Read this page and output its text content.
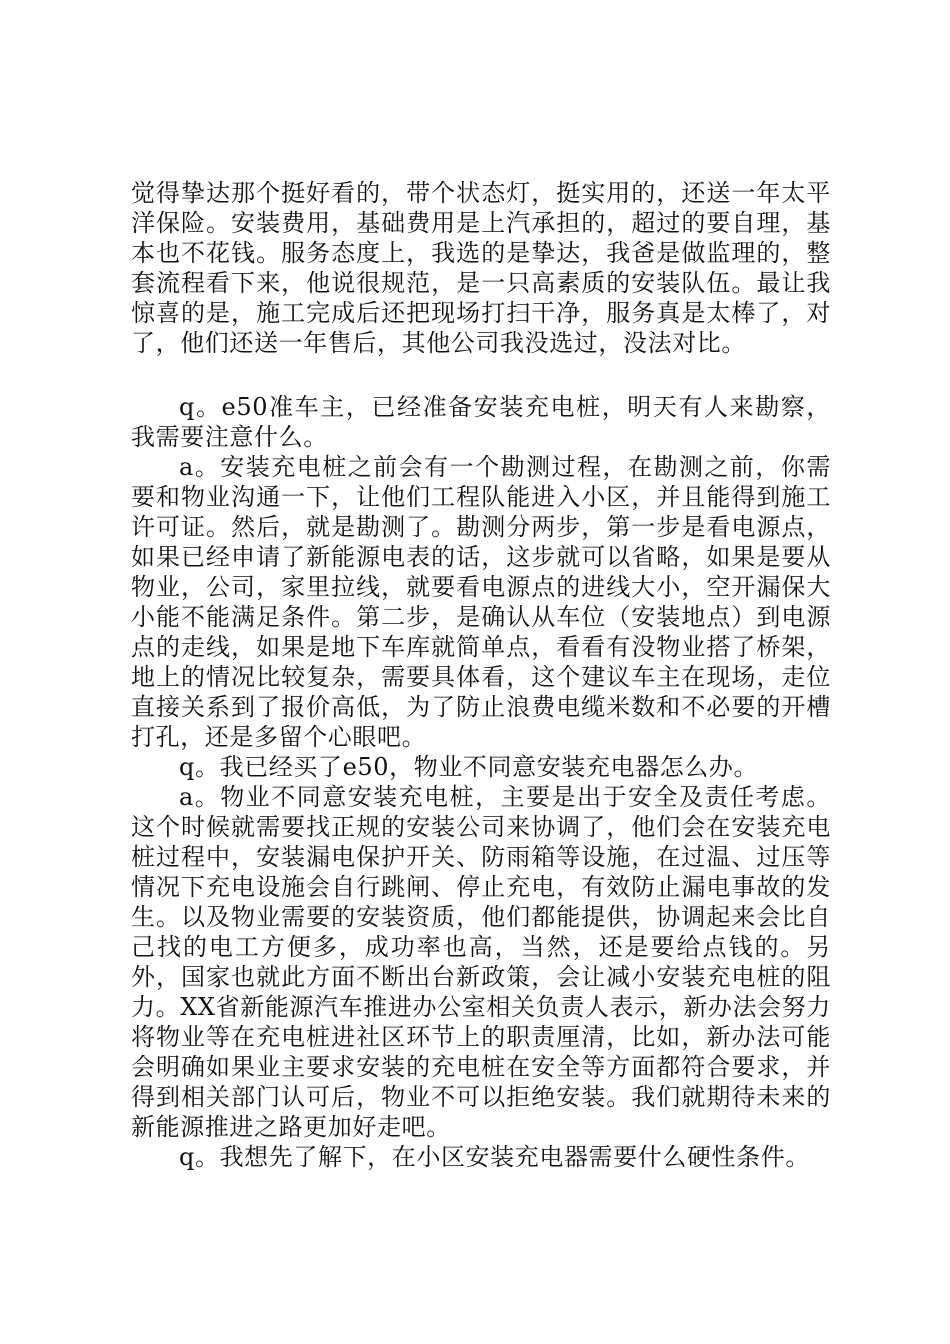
觉得挚达那个挺好看的，带个状态灯，挺实用的，还送一年太平洋保险。安装费用，基础费用是上汽承担的，超过的要自理，基本也不花钱。服务态度上，我选的是挚达，我爸是做监理的，整套流程看下来，他说很规范，是一只高素质的安装队伍。最让我惊喜的是，施工完成后还把现场打扫干净，服务真是太棒了，对了，他们还送一年售后，其他公司我没选过，没法对比。

q。e50准车主，已经准备安装充电桩，明天有人来勘察，我需要注意什么。

a。安装充电桩之前会有一个勘测过程，在勘测之前，你需要和物业沟通一下，让他们工程队能进入小区，并且能得到施工许可证。然后，就是勘测了。勘测分两步，第一步是看电源点，如果已经申请了新能源电表的话，这步就可以省略，如果是要从物业，公司，家里拉线，就要看电源点的进线大小，空开漏保大小能不能满足条件。第二步，是确认从车位（安装地点）到电源点的走线，如果是地下车库就简单点，看看有没物业搭了桥架，地上的情况比较复杂，需要具体看，这个建议车主在现场，走位直接关系到了报价高低，为了防止浪费电缆米数和不必要的开槽打孔，还是多留个心眼吧。

q。我已经买了e50，物业不同意安装充电器怎么办。

a。物业不同意安装充电桩，主要是出于安全及责任考虑。这个时候就需要找正规的安装公司来协调了，他们会在安装充电桩过程中，安装漏电保护开关、防雨箱等设施，在过温、过压等情况下充电设施会自行跳闸、停止充电，有效防止漏电事故的发生。以及物业需要的安装资质，他们都能提供，协调起来会比自己找的电工方便多，成功率也高，当然，还是要给点钱的。另外，国家也就此方面不断出台新政策，会让减小安装充电桩的阻力。XX省新能源汽车推进办公室相关负责人表示，新办法会努力将物业等在充电桩进社区环节上的职责厘清，比如，新办法可能会明确如果业主要求安装的充电桩在安全等方面都符合要求，并得到相关部门认可后，物业不可以拒绝安装。我们就期待未来的新能源推进之路更加好走吧。

q。我想先了解下，在小区安装充电器需要什么硬性条件。
